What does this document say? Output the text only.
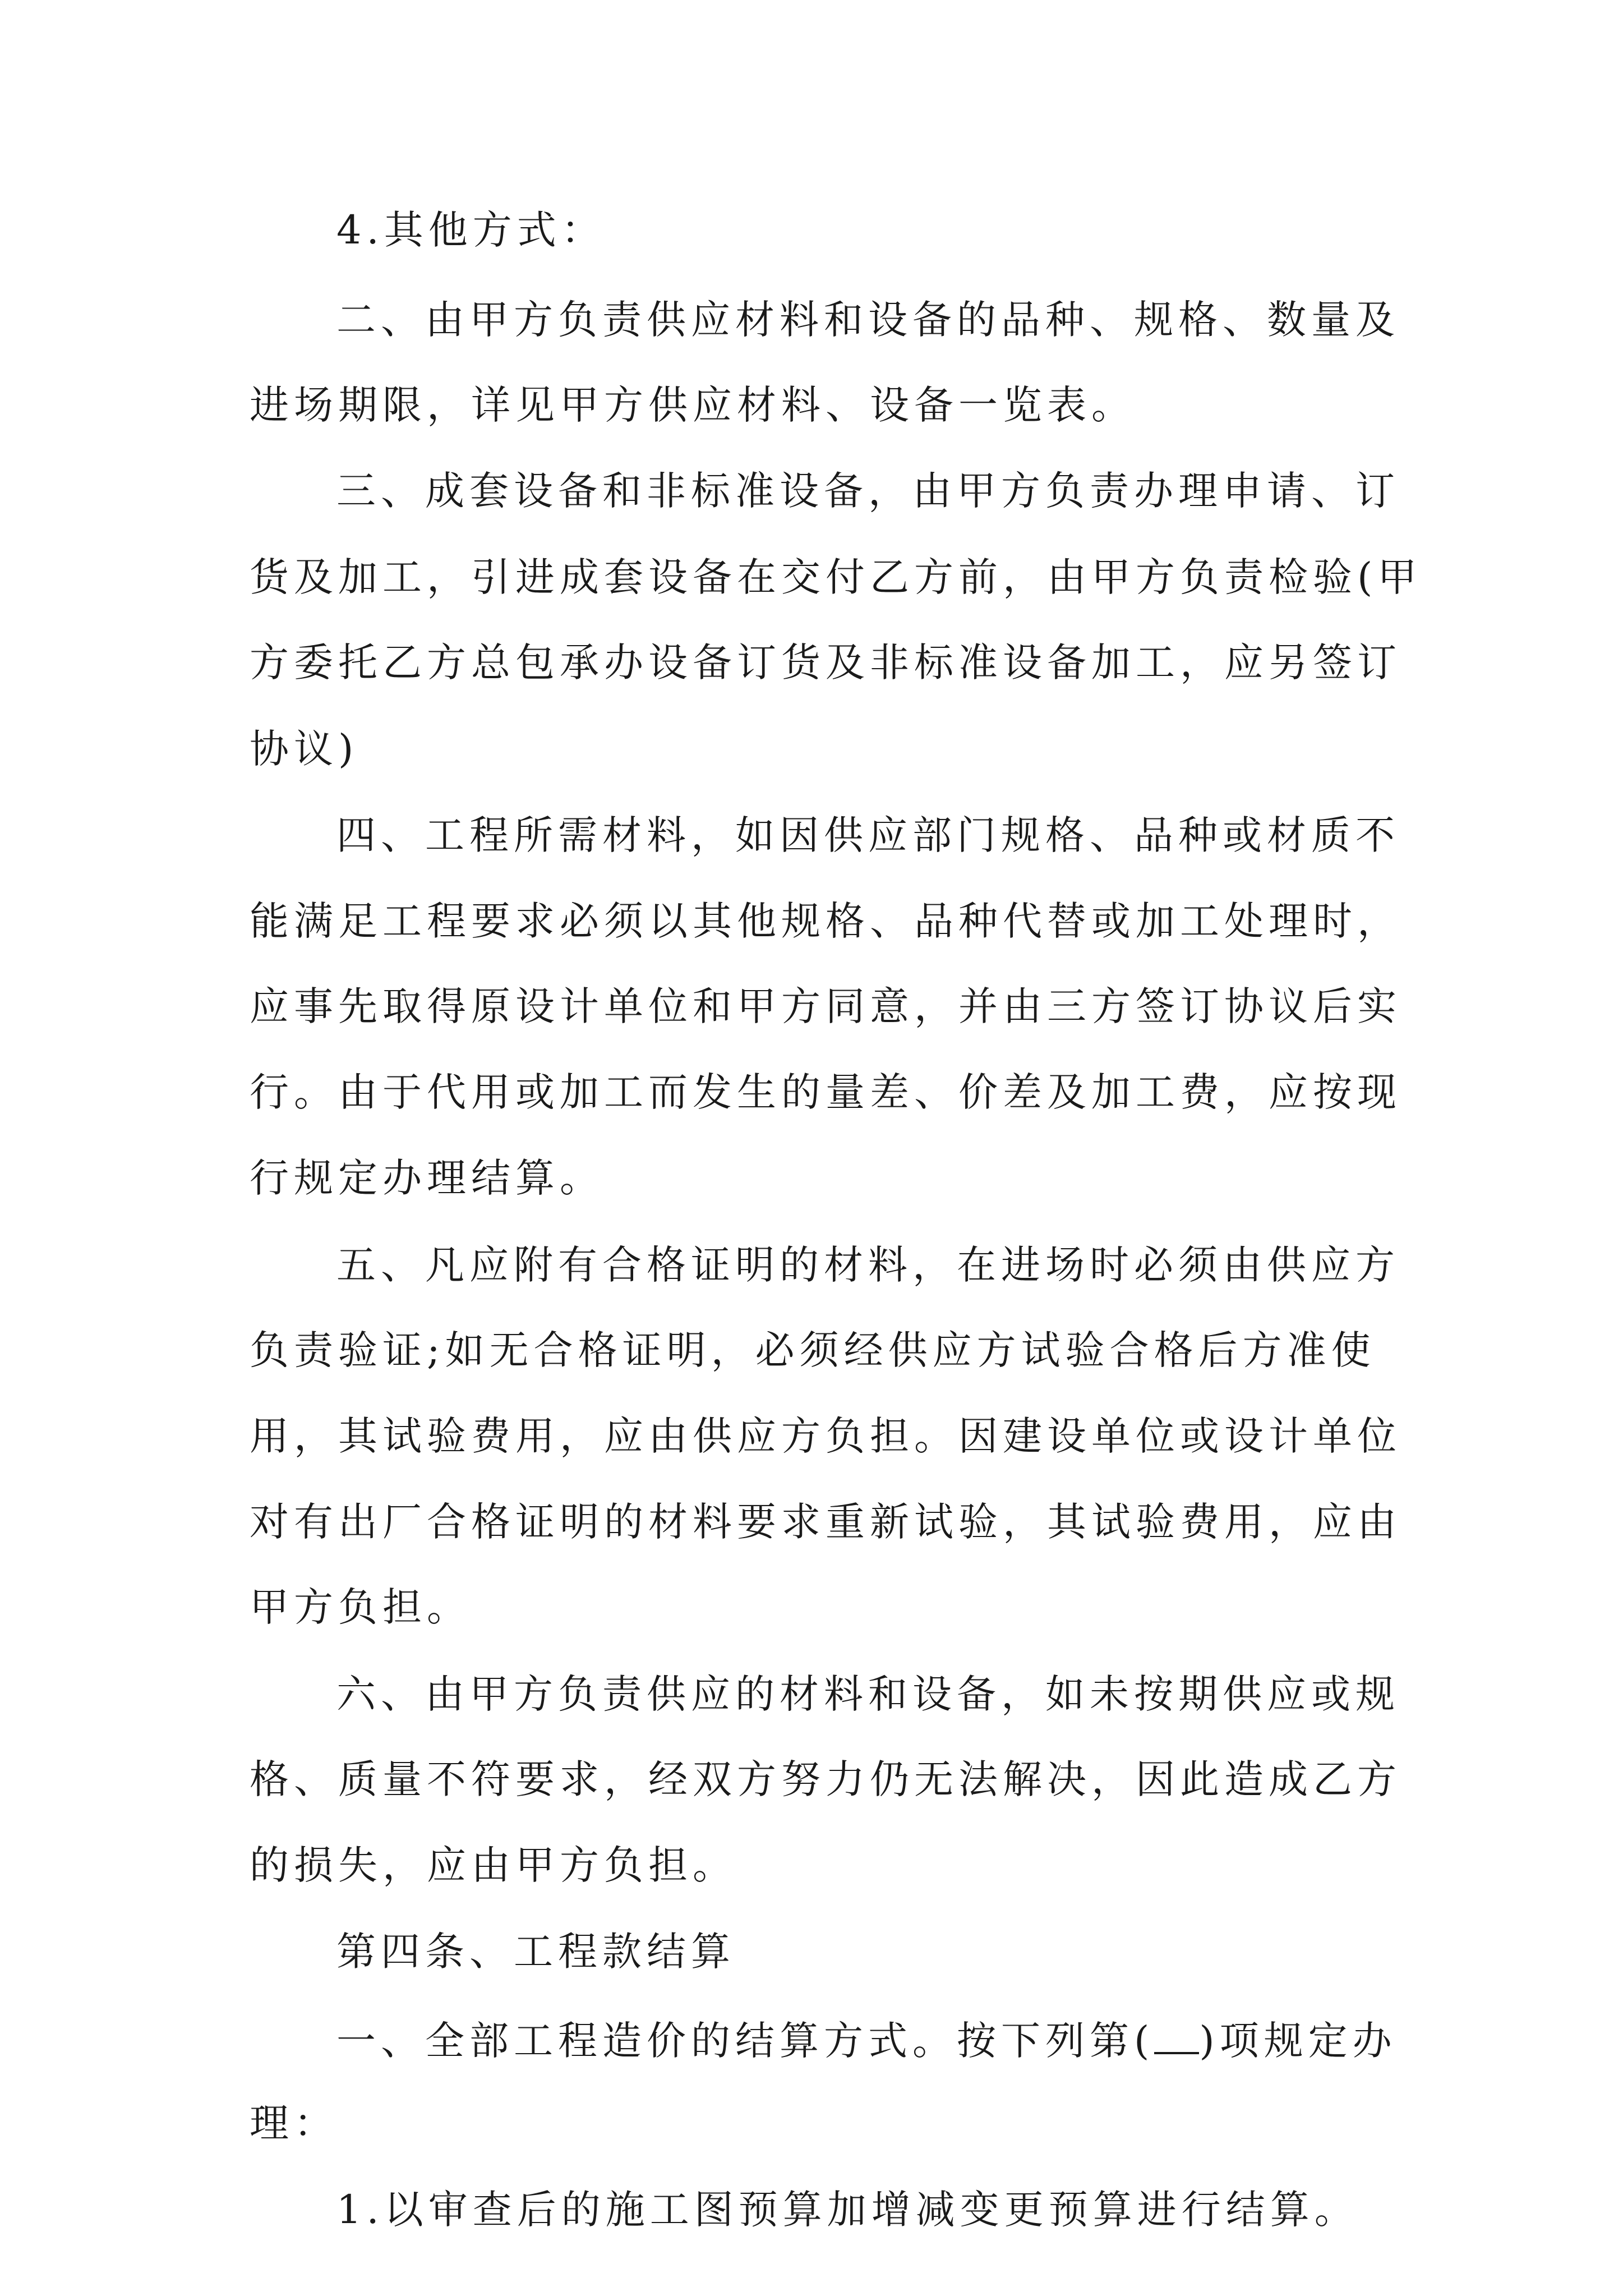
4.其他方式：
二、由甲方负责供应材料和设备的品种、规格、数量及
进场期限，详见甲方供应材料、设备一览表。
三、成套设备和非标准设备，由甲方负责办理申请、订
货及加工，引进成套设备在交付乙方前，由甲方负责检验(甲
方委托乙方总包承办设备订货及非标准设备加工，应另签订
协议)
四、工程所需材料，如因供应部门规格、品种或材质不
能满足工程要求必须以其他规格、品种代替或加工处理时，
应事先取得原设计单位和甲方同意，并由三方签订协议后实
行。由于代用或加工而发生的量差、价差及加工费，应按现
行规定办理结算。
五、凡应附有合格证明的材料，在进场时必须由供应方
负责验证;如无合格证明，必须经供应方试验合格后方准使
用，其试验费用，应由供应方负担。因建设单位或设计单位
对有出厂合格证明的材料要求重新试验，其试验费用，应由
甲方负担。
六、由甲方负责供应的材料和设备，如未按期供应或规
格、质量不符要求，经双方努力仍无法解决，因此造成乙方
的损失，应由甲方负担。
第四条、工程款结算
一、全部工程造价的结算方式。按下列第( )项规定办
理：
1.以审查后的施工图预算加增减变更预算进行结算。
